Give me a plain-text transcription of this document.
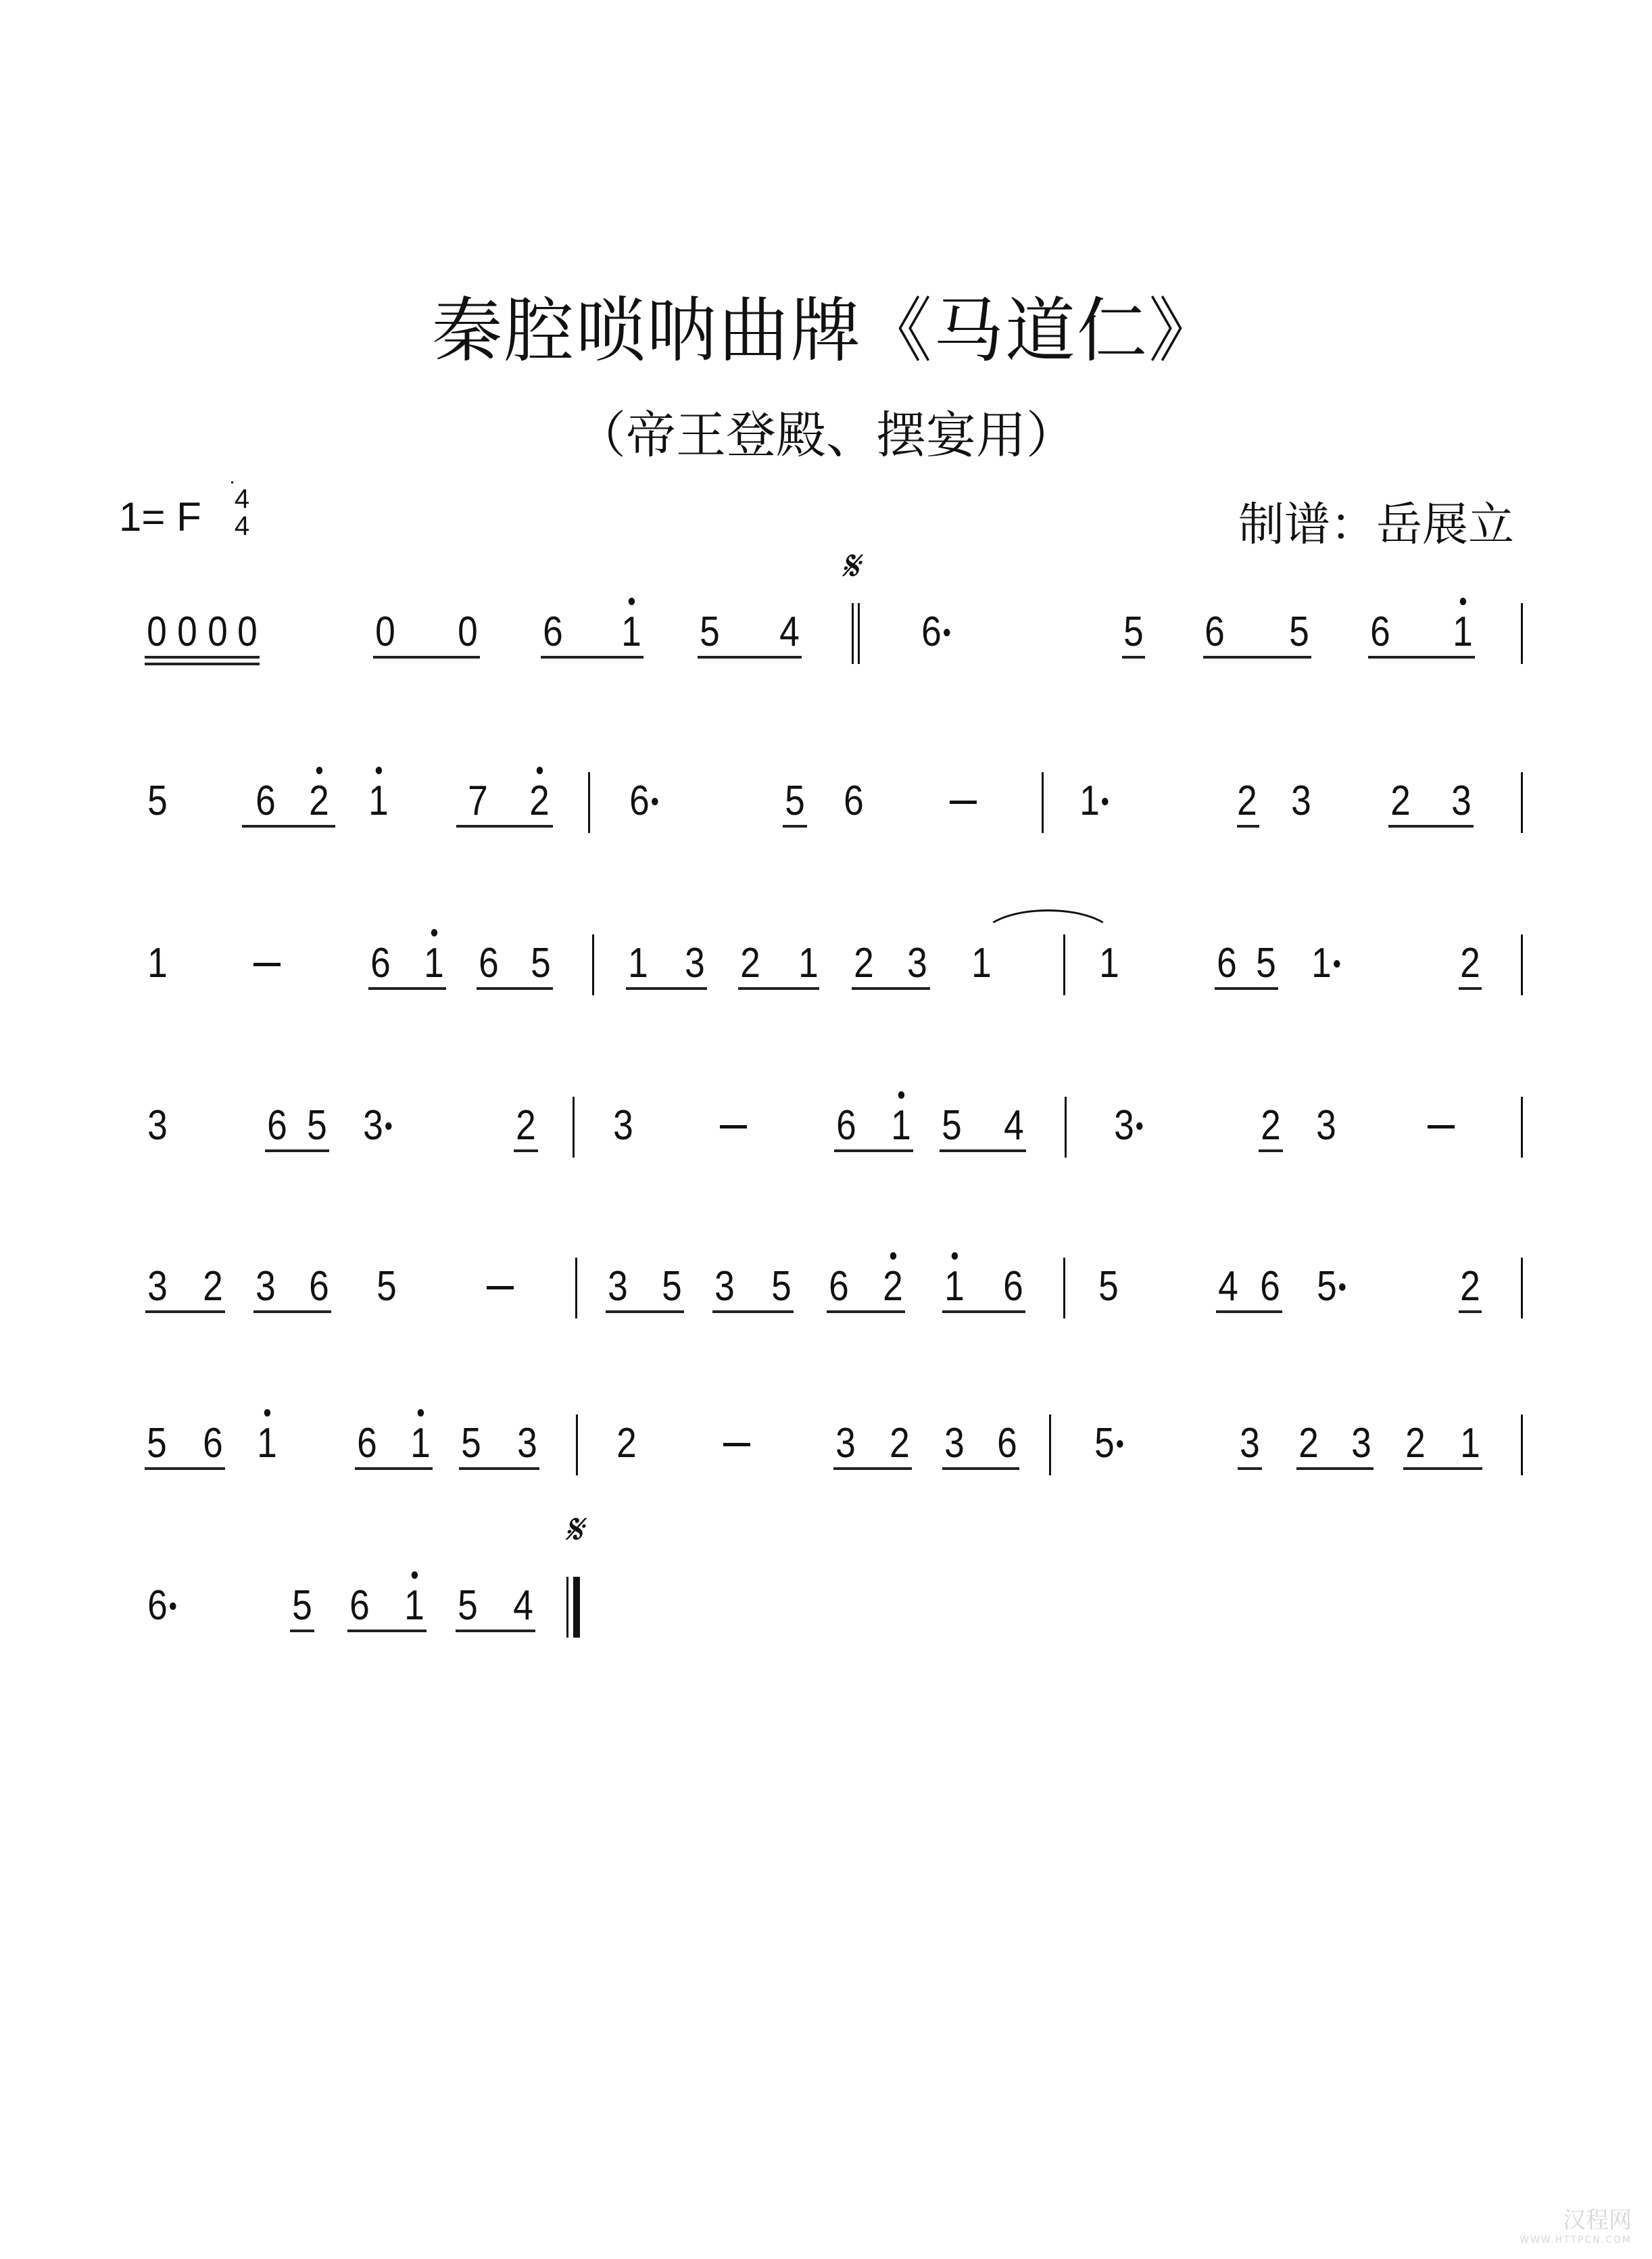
秦腔唢呐曲牌《马道仁》
（帝王登殿、摆宴用）
1= F 4
4	制谱：岳展立
0 0 0 0	0 0 6 1 5 4	6	5 6 5 6 1
𝄋
5 6 2 1 7 2 6	5 6	1	2 3 2 3
1	6 1 6 5 1 3 2 1 2 3 1	1 6 5 1	2
3 6 5 3	2 3	6 1 5 4 3	2 3
3 2 3 6 5	3 5 3 5 6 2 1 6 5 4 6 5	2
5 6 1 6 1 5 3 2	3 2 3 6 5	3 2 3 2 1
6	5 6 1 5 4
𝄋
汉程网
WWW.HTTPCN.COM
